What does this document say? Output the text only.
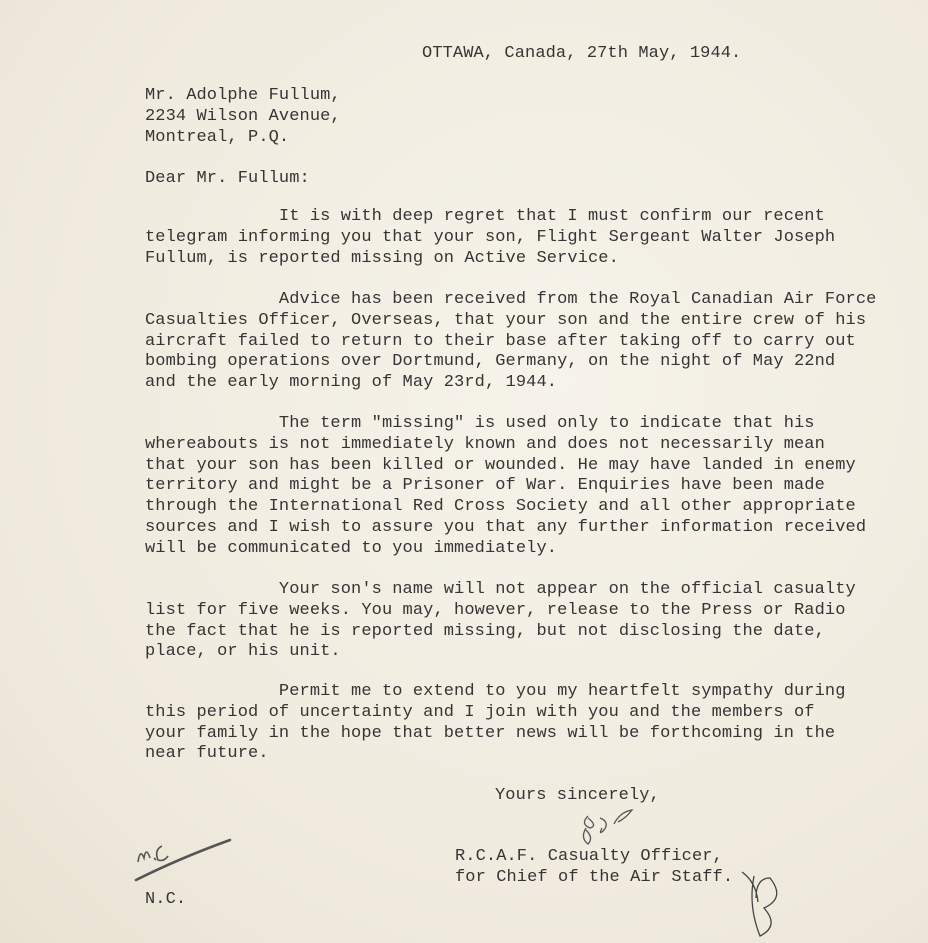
OTTAWA, Canada, 27th May, 1944.
Mr. Adolphe Fullum,
2234 Wilson Avenue,
Montreal, P.Q.
Dear Mr. Fullum:
It is with deep regret that I must confirm our recent
telegram informing you that your son, Flight Sergeant Walter Joseph
Fullum, is reported missing on Active Service.
Advice has been received from the Royal Canadian Air Force
Casualties Officer, Overseas, that your son and the entire crew of his
aircraft failed to return to their base after taking off to carry out
bombing operations over Dortmund, Germany, on the night of May 22nd
and the early morning of May 23rd, 1944.
The term "missing" is used only to indicate that his
whereabouts is not immediately known and does not necessarily mean
that your son has been killed or wounded. He may have landed in enemy
territory and might be a Prisoner of War. Enquiries have been made
through the International Red Cross Society and all other appropriate
sources and I wish to assure you that any further information received
will be communicated to you immediately.
Your son's name will not appear on the official casualty
list for five weeks. You may, however, release to the Press or Radio
the fact that he is reported missing, but not disclosing the date,
place, or his unit.
Permit me to extend to you my heartfelt sympathy during
this period of uncertainty and I join with you and the members of
your family in the hope that better news will be forthcoming in the
near future.
Yours sincerely,
R.C.A.F. Casualty Officer,
for Chief of the Air Staff.
N.C.
